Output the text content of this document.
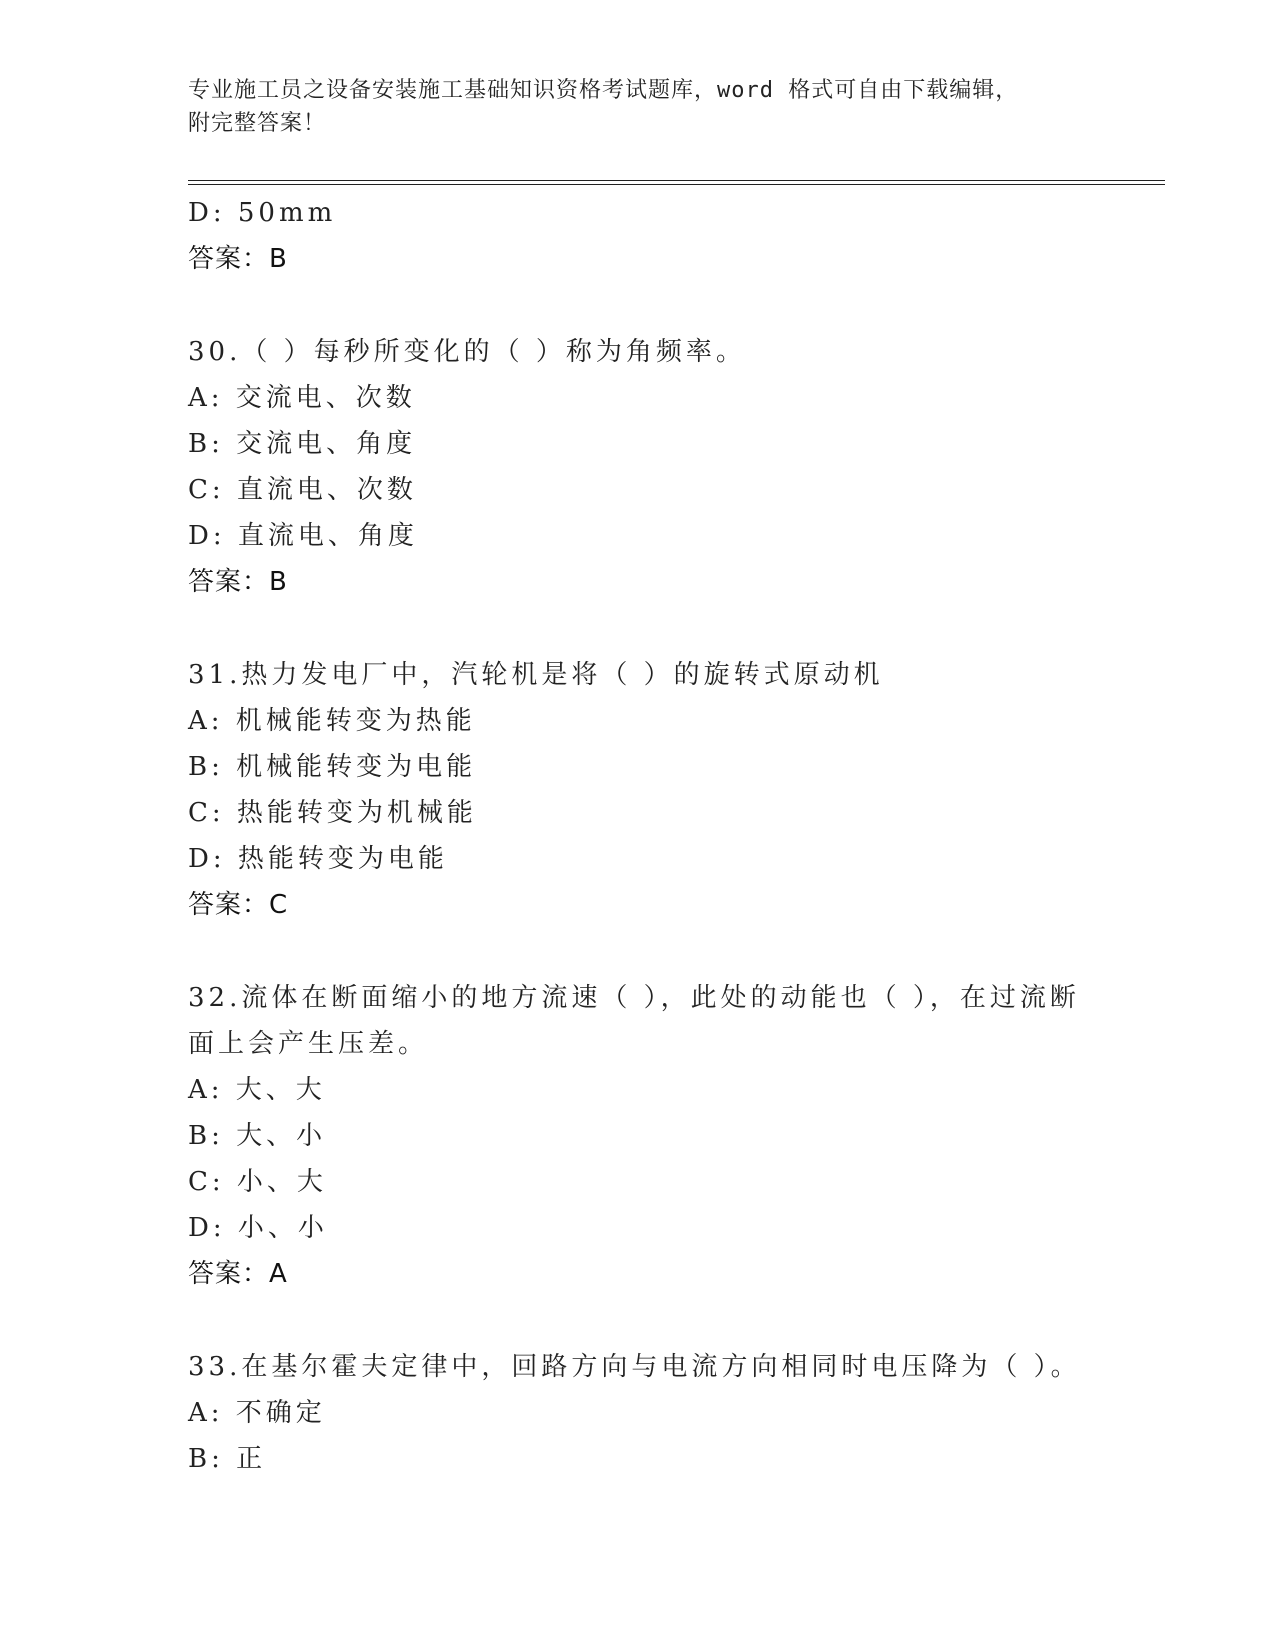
专业施工员之设备安装施工基础知识资格考试题库，word 格式可自由下载编辑，
附完整答案！
D: 50mm
答案：B
30.（ ）每秒所变化的（ ）称为角频率。
A: 交流电、次数
B: 交流电、角度
C: 直流电、次数
D: 直流电、角度
答案：B
31.热力发电厂中，汽轮机是将（ ）的旋转式原动机
A: 机械能转变为热能
B: 机械能转变为电能
C: 热能转变为机械能
D: 热能转变为电能
答案：C
32.流体在断面缩小的地方流速（ ），此处的动能也（ ），在过流断
面上会产生压差。
A: 大、大
B: 大、小
C: 小、大
D: 小、小
答案：A
33.在基尔霍夫定律中，回路方向与电流方向相同时电压降为（ ）。
A: 不确定
B: 正
